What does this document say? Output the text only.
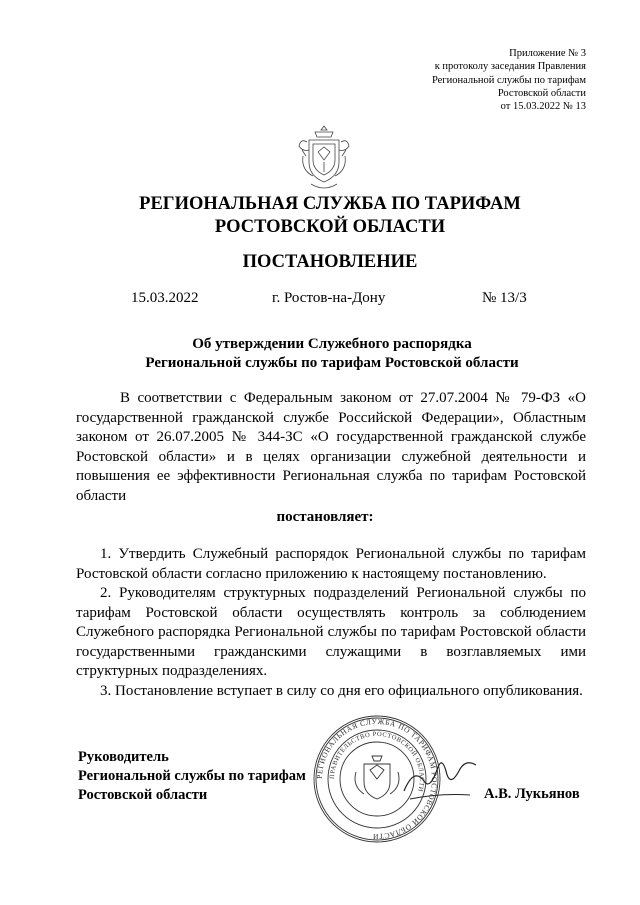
Приложение № 3
к протоколу заседания Правления
Региональной службы по тарифам
Ростовской области
от 15.03.2022 № 13
РЕГИОНАЛЬНАЯ СЛУЖБА ПО ТАРИФАМ
РОСТОВСКОЙ ОБЛАСТИ
ПОСТАНОВЛЕНИЕ
15.03.2022	г. Ростов-на-Дону	№ 13/3
Об утверждении Служебного распорядка
Региональной службы по тарифам Ростовской области
В соответствии с Федеральным законом от 27.07.2004 № 79-ФЗ «О государственной гражданской службе Российской Федерации», Областным законом от 26.07.2005 № 344-ЗС «О государственной гражданской службе Ростовской области» и в целях организации служебной деятельности и повышения ее эффективности Региональная служба по тарифам Ростовской области
постановляет:

1. Утвердить Служебный распорядок Региональной службы по тарифам Ростовской области согласно приложению к настоящему постановлению.

2. Руководителям структурных подразделений Региональной службы по тарифам Ростовской области осуществлять контроль за соблюдением Служебного распорядка Региональной службы по тарифам Ростовской области государственными гражданскими служащими в возглавляемых ими структурных подразделениях.

3. Постановление вступает в силу со дня его официального опубликования.

РЕГИОНАЛЬНАЯ СЛУЖБА ПО ТАРИФАМ РОСТОВСКОЙ ОБЛАСТИ
ПРАВИТЕЛЬСТВО РОСТОВСКОЙ ОБЛАСТИ
Руководитель
Региональной службы по тарифам
Ростовской области	А.В. Лукьянов
